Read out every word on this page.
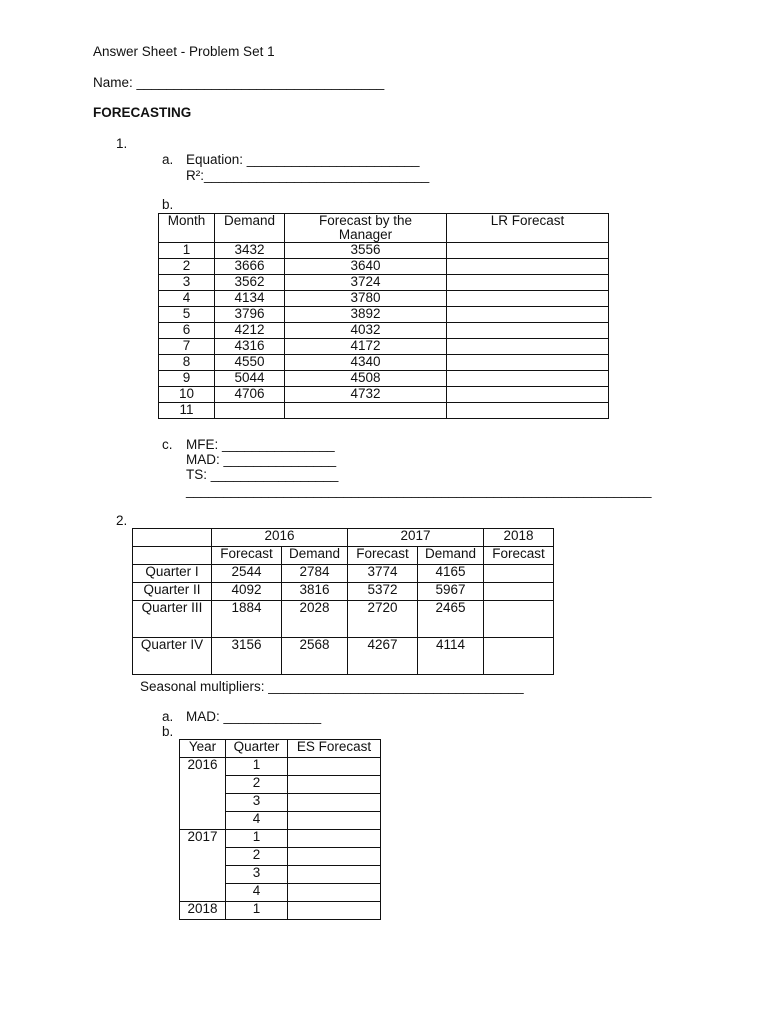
Answer Sheet - Problem Set 1
Name: _________________________________
FORECASTING
1.
a. Equation: _______________________
R²:______________________________
b.
Month	Demand	Forecast by the Manager	LR Forecast
1	3432	3556	
2	3666	3640	
3	3562	3724	
4	4134	3780	
5	3796	3892	
6	4212	4032	
7	4316	4172	
8	4550	4340	
9	5044	4508	
10	4706	4732	
11			
c. MFE: _______________
MAD: _______________
TS: _________________
______________________________________________________________
2.
	2016		2017		2018
	Forecast	Demand	Forecast	Demand	Forecast
Quarter I	2544	2784	3774	4165	
Quarter II	4092	3816	5372	5967	
Quarter III	1884	2028	2720	2465	
Quarter IV	3156	2568	4267	4114	
Seasonal multipliers: __________________________________
a. MAD: _____________
b.
Year	Quarter	ES Forecast
2016	1	
	2	
	3	
	4	
2017	1	
	2	
	3	
	4	
2018	1	
